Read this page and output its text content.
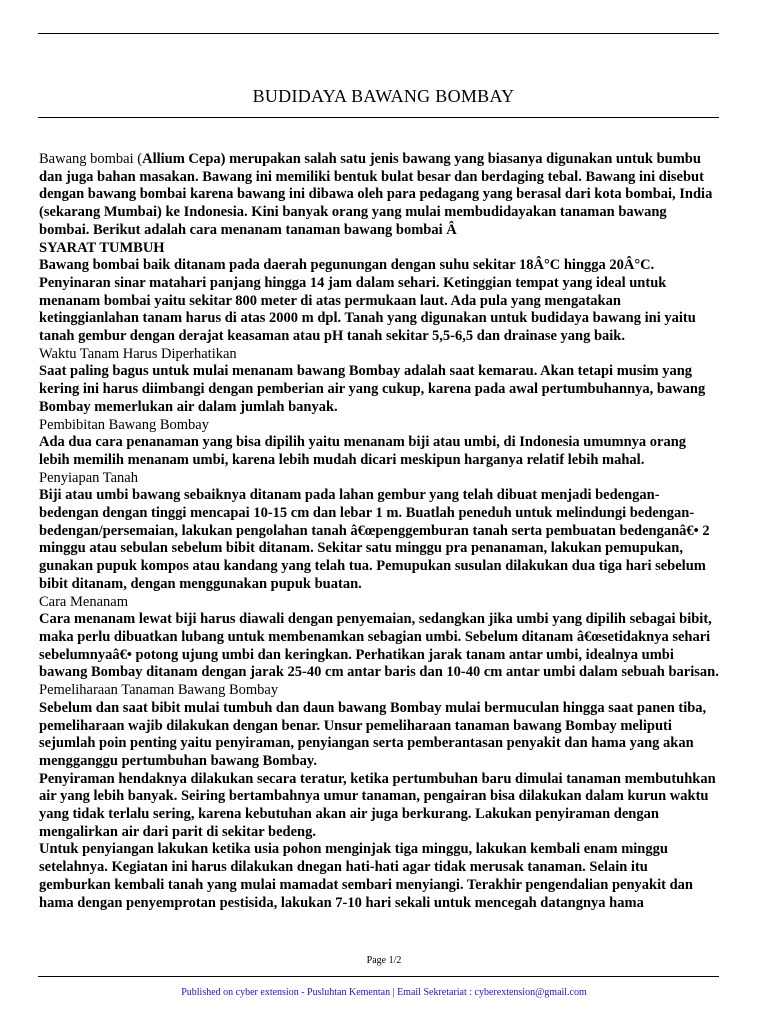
BUDIDAYA BAWANG BOMBAY

Bawang bombai (Allium Cepa) merupakan salah satu jenis bawang yang biasanya digunakan untuk bumbu dan juga bahan masakan. Bawang ini memiliki bentuk bulat besar dan berdaging tebal. Bawang ini disebut dengan bawang bombai karena bawang ini dibawa oleh para pedagang yang berasal dari kota bombai, India (sekarang Mumbai) ke Indonesia. Kini banyak orang yang mulai membudidayakan tanaman bawang bombai. Berikut adalah cara menanam tanaman bawang bombai Â

SYARAT TUMBUH

Bawang bombai baik ditanam pada daerah pegunungan dengan suhu sekitar 18Â°C hingga 20Â°C. Penyinaran sinar matahari panjang hingga 14 jam dalam sehari. Ketinggian tempat yang ideal untuk menanam bombai yaitu sekitar 800 meter di atas permukaan laut. Ada pula yang mengatakan ketinggianlahan tanam harus di atas 2000 m dpl. Tanah yang digunakan untuk budidaya bawang ini yaitu tanah gembur dengan derajat keasaman atau pH tanah sekitar 5,5-6,5 dan drainase yang baik.

Waktu Tanam Harus Diperhatikan

Saat paling bagus untuk mulai menanam bawang Bombay adalah saat kemarau. Akan tetapi musim yang kering ini harus diimbangi dengan pemberian air yang cukup, karena pada awal pertumbuhannya, bawang Bombay memerlukan air dalam jumlah banyak.

Pembibitan Bawang Bombay

Ada dua cara penanaman yang bisa dipilih yaitu menanam biji atau umbi, di Indonesia umumnya orang lebih memilih menanam umbi, karena lebih mudah dicari meskipun harganya relatif lebih mahal.

Penyiapan Tanah

Biji atau umbi bawang sebaiknya ditanam pada lahan gembur yang telah dibuat menjadi bedengan-bedengan dengan tinggi mencapai 10-15 cm dan lebar 1 m. Buatlah peneduh untuk melindungi bedengan-bedengan/persemaian, lakukan pengolahan tanah â€œpenggemburan tanah serta pembuatan bedenganâ€• 2 minggu atau sebulan sebelum bibit ditanam. Sekitar satu minggu pra penanaman, lakukan pemupukan, gunakan pupuk kompos atau kandang yang telah tua. Pemupukan susulan dilakukan dua tiga hari sebelum bibit ditanam, dengan menggunakan pupuk buatan.

Cara Menanam

Cara menanam lewat biji harus diawali dengan penyemaian, sedangkan jika umbi yang dipilih sebagai bibit, maka perlu dibuatkan lubang untuk membenamkan sebagian umbi. Sebelum ditanam â€œsetidaknya sehari sebelumnyaâ€• potong ujung umbi dan keringkan. Perhatikan jarak tanam antar umbi, idealnya umbi bawang Bombay ditanam dengan jarak 25-40 cm antar baris dan 10-40 cm antar umbi dalam sebuah barisan.

Pemeliharaan Tanaman Bawang Bombay

Sebelum dan saat bibit mulai tumbuh dan daun bawang Bombay mulai bermuculan hingga saat panen tiba, pemeliharaan wajib dilakukan dengan benar. Unsur pemeliharaan tanaman bawang Bombay meliputi sejumlah poin penting yaitu penyiraman, penyiangan serta pemberantasan penyakit dan hama yang akan mengganggu pertumbuhan bawang Bombay.

Penyiraman hendaknya dilakukan secara teratur, ketika pertumbuhan baru dimulai tanaman membutuhkan air yang lebih banyak. Seiring bertambahnya umur tanaman, pengairan bisa dilakukan dalam kurun waktu yang tidak terlalu sering, karena kebutuhan akan air juga berkurang. Lakukan penyiraman dengan mengalirkan air dari parit di sekitar bedeng.

Untuk penyiangan lakukan ketika usia pohon menginjak tiga minggu, lakukan kembali enam minggu setelahnya. Kegiatan ini harus dilakukan dnegan hati-hati agar tidak merusak tanaman. Selain itu gemburkan kembali tanah yang mulai mamadat sembari menyiangi. Terakhir pengendalian penyakit dan hama dengan penyemprotan pestisida, lakukan 7-10 hari sekali untuk mencegah datangnya hama

Page 1/2
Published on cyber extension - Pusluhtan Kementan | Email Sekretariat : cyberextension@gmail.com
